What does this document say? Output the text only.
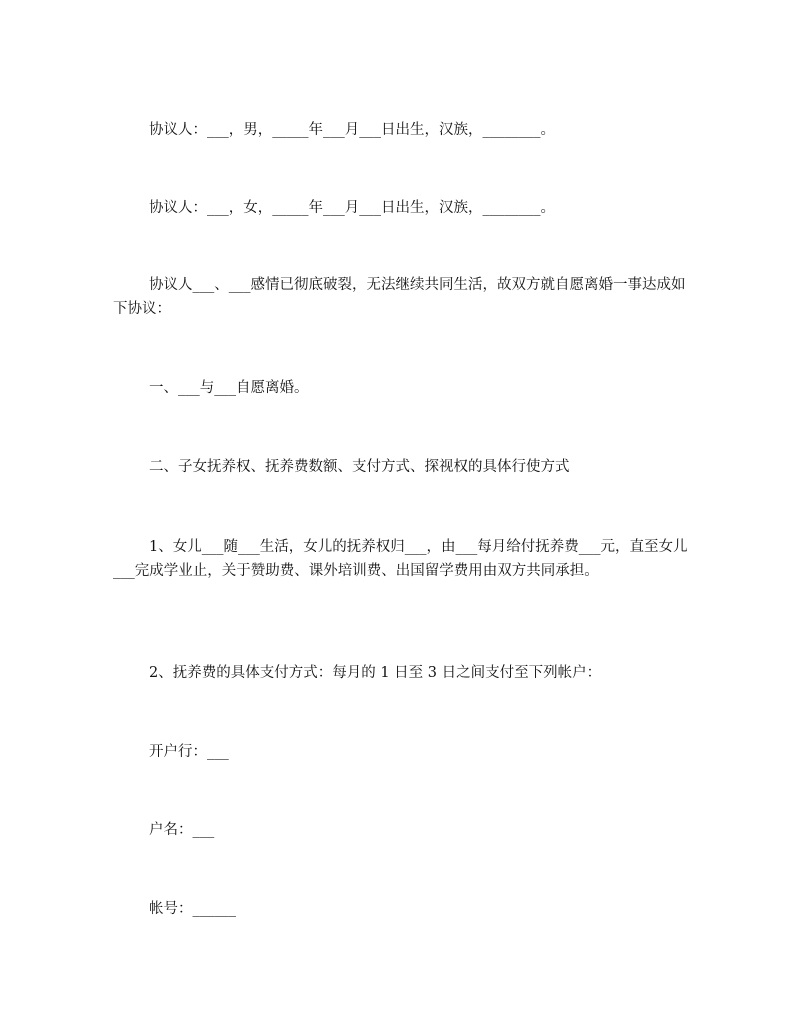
协议人：___，男，_____年___月___日出生，汉族，________。

协议人：___，女，_____年___月___日出生，汉族，________。

协议人___、___感情已彻底破裂，无法继续共同生活，故双方就自愿离婚一事达成如下协议：

一、___与___自愿离婚。

二、子女抚养权、抚养费数额、支付方式、探视权的具体行使方式

1、女儿___随___生活，女儿的抚养权归___，由___每月给付抚养费___元，直至女儿___完成学业止，关于赞助费、课外培训费、出国留学费用由双方共同承担。

2、抚养费的具体支付方式：每月的 1 日至 3 日之间支付至下列帐户：

开户行：___

户名：___

帐号：______
